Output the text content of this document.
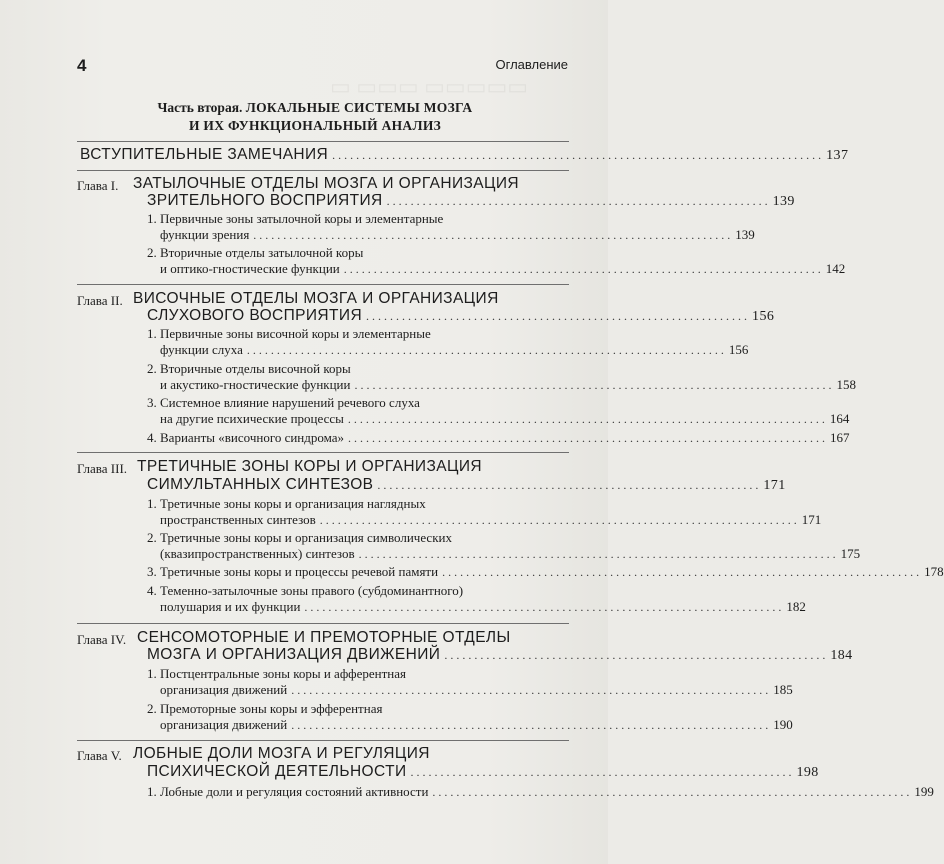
▭ ▭▭▭ ▭▭▭▭▭
4	Оглавление
Часть вторая. ЛОКАЛЬНЫЕ СИСТЕМЫ МОЗГА
И ИХ ФУНКЦИОНАЛЬНЫЙ АНАЛИЗ
ВСТУПИТЕЛЬНЫЕ ЗАМЕЧАНИЯ .................................................................................. 137
Глава I. ЗАТЫЛОЧНЫЕ ОТДЕЛЫ МОЗГА И ОРГАНИЗАЦИЯ
ЗРИТЕЛЬНОГО ВОСПРИЯТИЯ ................................................................ 139
1. Первичные зоны затылочной коры и элементарные
функции зрения ................................................................................ 139
2. Вторичные отделы затылочной коры
и оптико-гностические функции ................................................................................ 142
Глава II. ВИСОЧНЫЕ ОТДЕЛЫ МОЗГА И ОРГАНИЗАЦИЯ
СЛУХОВОГО ВОСПРИЯТИЯ ................................................................ 156
1. Первичные зоны височной коры и элементарные
функции слуха ................................................................................ 156
2. Вторичные отделы височной коры
и акустико-гностические функции ................................................................................ 158
3. Системное влияние нарушений речевого слуха
на другие психические процессы ................................................................................ 164
4. Варианты «височного синдрома» ................................................................................ 167
Глава III. ТРЕТИЧНЫЕ ЗОНЫ КОРЫ И ОРГАНИЗАЦИЯ
СИМУЛЬТАННЫХ СИНТЕЗОВ ................................................................ 171
1. Третичные зоны коры и организация наглядных
пространственных синтезов ................................................................................ 171
2. Третичные зоны коры и организация символических
(квазипространственных) синтезов ................................................................................ 175
3. Третичные зоны коры и процессы речевой памяти ................................................................................ 178
4. Теменно-затылочные зоны правого (субдоминантного)
полушария и их функции ................................................................................ 182
Глава IV. СЕНСОМОТОРНЫЕ И ПРЕМОТОРНЫЕ ОТДЕЛЫ
МОЗГА И ОРГАНИЗАЦИЯ ДВИЖЕНИЙ ................................................................ 184
1. Постцентральные зоны коры и афферентная
организация движений ................................................................................ 185
2. Премоторные зоны коры и эфферентная
организация движений ................................................................................ 190
Глава V. ЛОБНЫЕ ДОЛИ МОЗГА И РЕГУЛЯЦИЯ
ПСИХИЧЕСКОЙ ДЕЯТЕЛЬНОСТИ ................................................................ 198
1. Лобные доли и регуляция состояний активности ................................................................................ 199
